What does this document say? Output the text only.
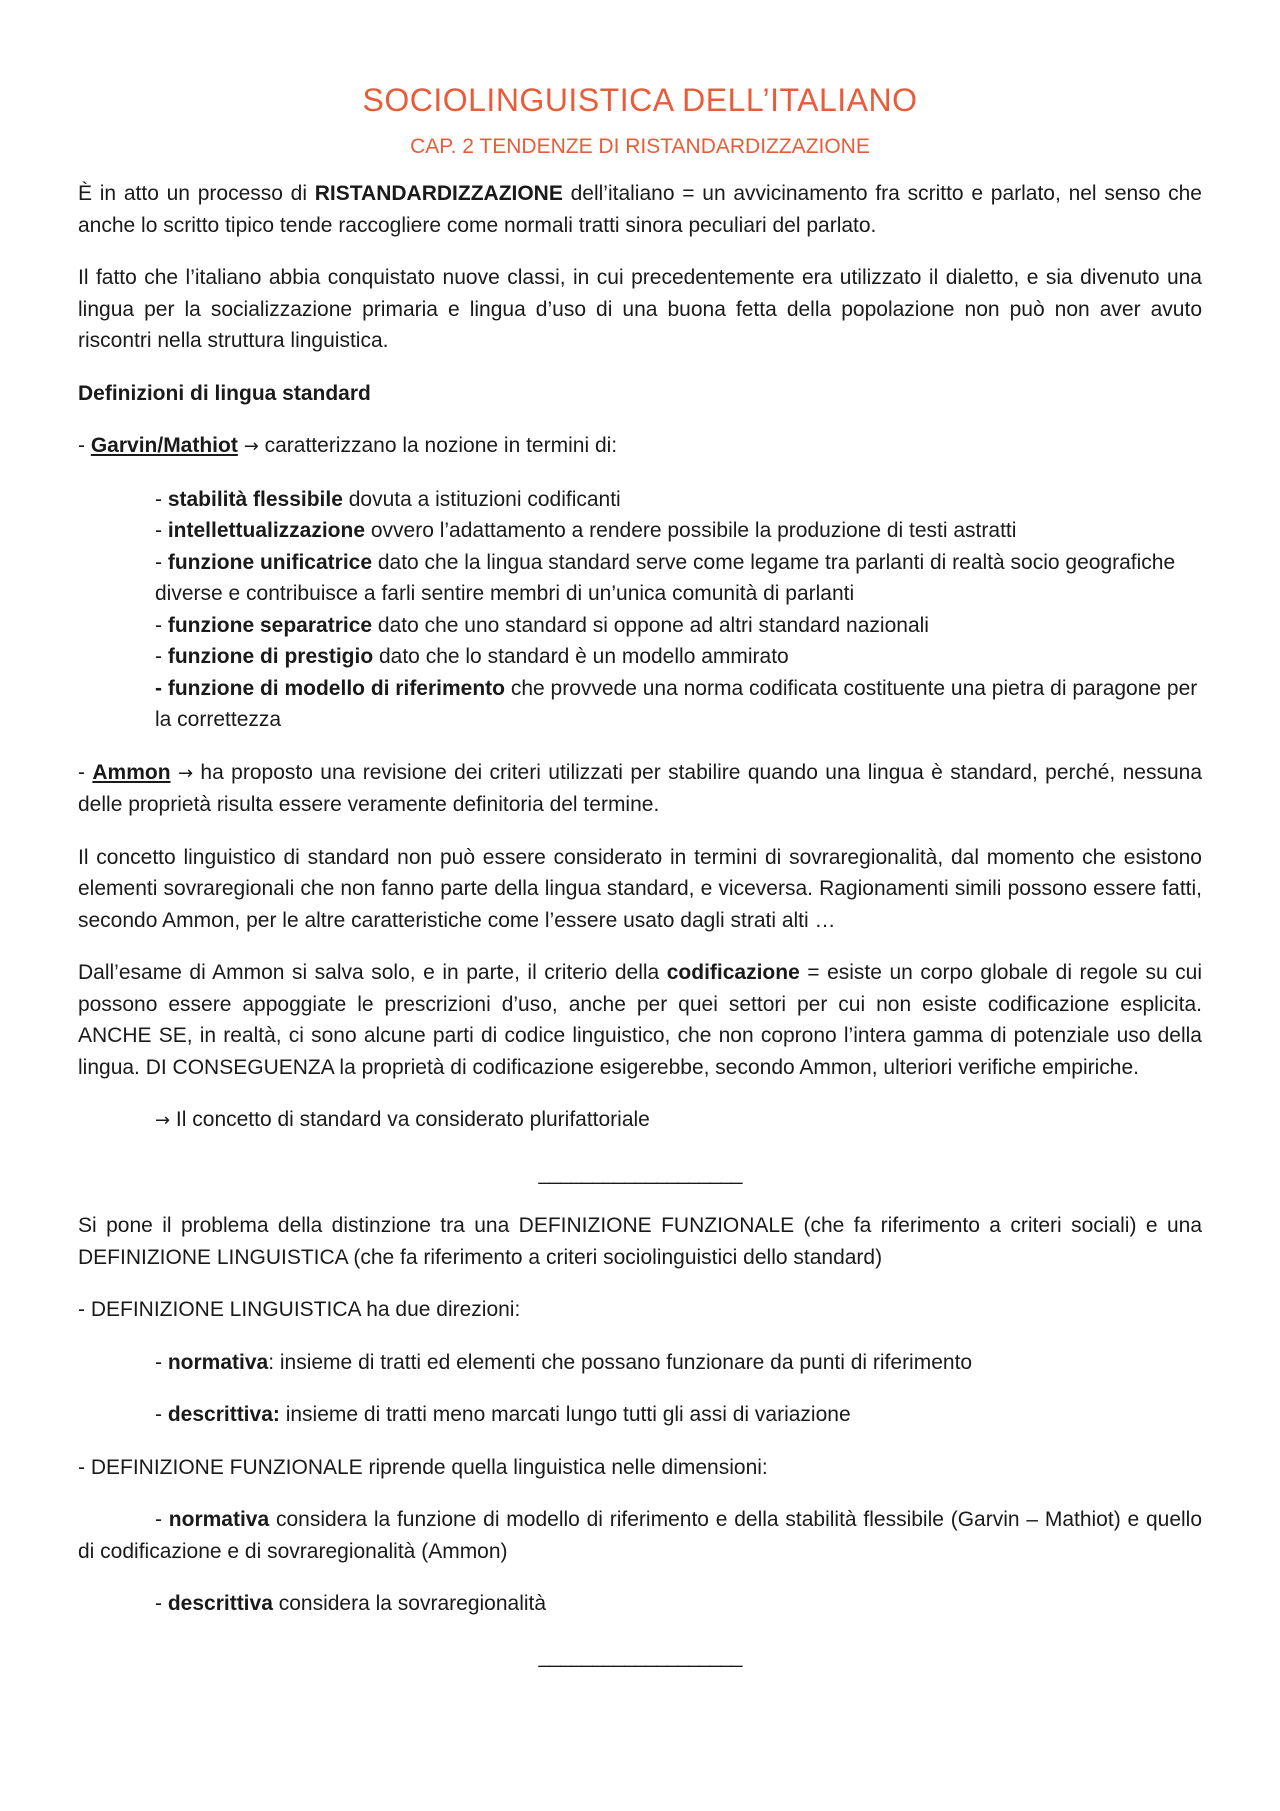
SOCIOLINGUISTICA DELL’ITALIANO
CAP. 2 TENDENZE DI RISTANDARDIZZAZIONE

È in atto un processo di RISTANDARDIZZAZIONE dell’italiano = un avvicinamento fra scritto e parlato, nel senso che anche lo scritto tipico tende raccogliere come normali tratti sinora peculiari del parlato.

Il fatto che l’italiano abbia conquistato nuove classi, in cui precedentemente era utilizzato il dialetto, e sia divenuto una lingua per la socializzazione primaria e lingua d’uso di una buona fetta della popolazione non può non aver avuto riscontri nella struttura linguistica.

Definizioni di lingua standard

- Garvin/Mathiot → caratterizzano la nozione in termini di:

- stabilità flessibile dovuta a istituzioni codificanti

- intellettualizzazione ovvero l’adattamento a rendere possibile la produzione di testi astratti

- funzione unificatrice dato che la lingua standard serve come legame tra parlanti di realtà socio geografiche diverse e contribuisce a farli sentire membri di un’unica comunità di parlanti

- funzione separatrice dato che uno standard si oppone ad altri standard nazionali

- funzione di prestigio dato che lo standard è un modello ammirato

- funzione di modello di riferimento che provvede una norma codificata costituente una pietra di paragone per la correttezza

- Ammon → ha proposto una revisione dei criteri utilizzati per stabilire quando una lingua è standard, perché, nessuna delle proprietà risulta essere veramente definitoria del termine.

Il concetto linguistico di standard non può essere considerato in termini di sovraregionalità, dal momento che esistono elementi sovraregionali che non fanno parte della lingua standard, e viceversa. Ragionamenti simili possono essere fatti, secondo Ammon, per le altre caratteristiche come l’essere usato dagli strati alti …

Dall’esame di Ammon si salva solo, e in parte, il criterio della codificazione = esiste un corpo globale di regole su cui possono essere appoggiate le prescrizioni d’uso, anche per quei settori per cui non esiste codificazione esplicita. ANCHE SE, in realtà, ci sono alcune parti di codice linguistico, che non coprono l’intera gamma di potenziale uso della lingua. DI CONSEGUENZA la proprietà di codificazione esigerebbe, secondo Ammon, ulteriori verifiche empiriche.

→ Il concetto di standard va considerato plurifattoriale

___________________

Si pone il problema della distinzione tra una DEFINIZIONE FUNZIONALE (che fa riferimento a criteri sociali) e una DEFINIZIONE LINGUISTICA (che fa riferimento a criteri sociolinguistici dello standard)

- DEFINIZIONE LINGUISTICA ha due direzioni:

- normativa: insieme di tratti ed elementi che possano funzionare da punti di riferimento

- descrittiva: insieme di tratti meno marcati lungo tutti gli assi di variazione

- DEFINIZIONE FUNZIONALE riprende quella linguistica nelle dimensioni:

- normativa considera la funzione di modello di riferimento e della stabilità flessibile (Garvin – Mathiot) e quello di codificazione e di sovraregionalità (Ammon)

- descrittiva considera la sovraregionalità

___________________
